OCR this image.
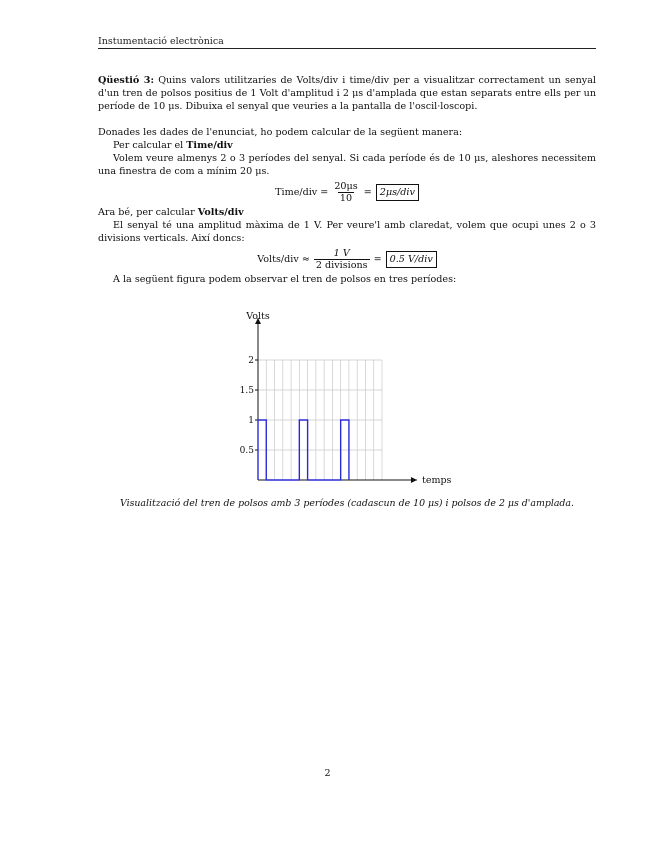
Instumentació electrònica

Qüestió 3: Quins valors utilitzaries de Volts/div i time/div per a visualitzar correctament un senyal d'un tren de polsos positius de 1 Volt d'amplitud i 2 μs d'amplada que estan separats entre ells per un període de 10 μs. Dibuixa el senyal que veuries a la pantalla de l'oscil·loscopi.

Donades les dades de l'enunciat, ho podem calcular de la següent manera:

Per calcular el Time/div

Volem veure almenys 2 o 3 períodes del senyal. Si cada període és de 10 μs, aleshores necessitem una finestra de com a mínim 20 μs.

Time/div = $\frac{20\mu s}{10} = 2\mu s/div$

Ara bé, per calcular Volts/div

El senyal té una amplitud màxima de 1 V. Per veure'l amb claredat, volem que ocupi unes 2 o 3 divisions verticals. Així doncs:

Volts/div ≈ $\frac{1 V}{\text{2 divisions}} = 0.5$ V/div

A la següent figura podem observar el tren de polsos en tres períodes:

0.5
1
1.5
2
Volts
temps
Visualització del tren de polsos amb 3 períodes (cadascun de 10 μs) i polsos de 2 μs d'amplada.
2
